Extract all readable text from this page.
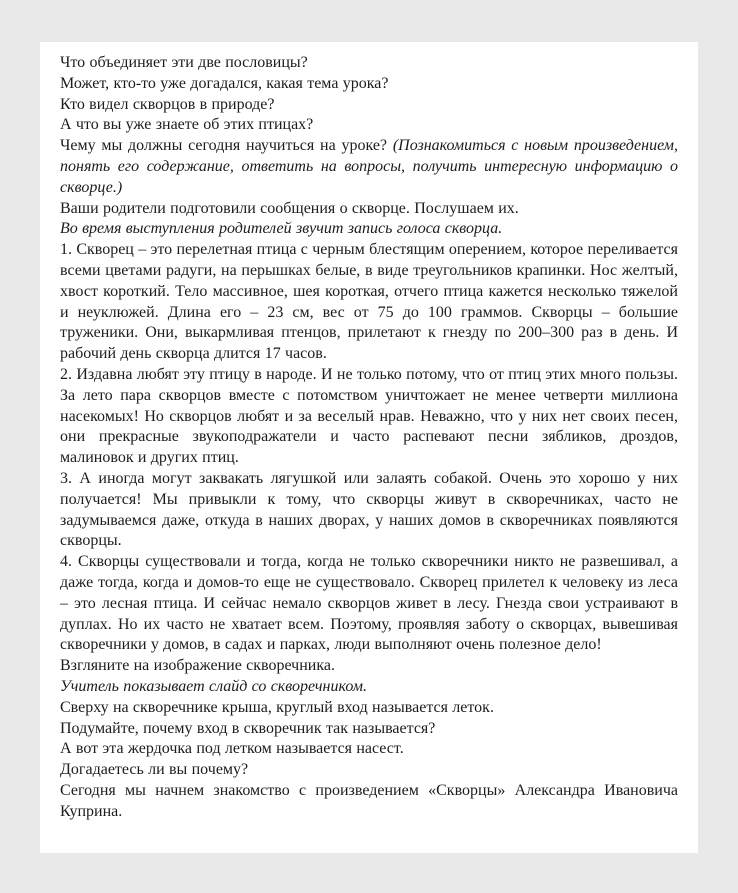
Что объединяет эти две пословицы?

Может, кто-то уже догадался, какая тема урока?

Кто видел скворцов в природе?

А что вы уже знаете об этих птицах?

Чему мы должны сегодня научиться на уроке? (Познакомиться с новым произведением, понять его содержание, ответить на вопросы, получить интересную информацию о скворце.)

Ваши родители подготовили сообщения о скворце. Послушаем их.

Во время выступления родителей звучит запись голоса скворца.

1. Скворец – это перелетная птица с черным блестящим оперением, которое переливается всеми цветами радуги, на перышках белые, в виде треугольников крапинки. Нос желтый, хвост короткий. Тело массивное, шея короткая, отчего птица кажется несколько тяжелой и неуклюжей. Длина его – 23 см, вес от 75 до 100 граммов. Скворцы – большие труженики. Они, выкармливая птенцов, прилетают к гнезду по 200–300 раз в день. И рабочий день скворца длится 17 часов.

2. Издавна любят эту птицу в народе. И не только потому, что от птиц этих много пользы. За лето пара скворцов вместе с потомством уничтожает не менее четверти миллиона насекомых! Но скворцов любят и за веселый нрав. Неважно, что у них нет своих песен, они прекрасные звукоподражатели и часто распевают песни зябликов, дроздов, малиновок и других птиц.

3. А иногда могут заквакать лягушкой или залаять собакой. Очень это хорошо у них получается! Мы привыкли к тому, что скворцы живут в скворечниках, часто не задумываемся даже, откуда в наших дворах, у наших домов в скворечниках появляются скворцы.

4. Скворцы существовали и тогда, когда не только скворечники никто не развешивал, а даже тогда, когда и домов-то еще не существовало. Скворец прилетел к человеку из леса – это лесная птица. И сейчас немало скворцов живет в лесу. Гнезда свои устраивают в дуплах. Но их часто не хватает всем. Поэтому, проявляя заботу о скворцах, вывешивая скворечники у домов, в садах и парках, люди выполняют очень полезное дело!

Взгляните на изображение скворечника.

Учитель показывает слайд со скворечником.

Сверху на скворечнике крыша, круглый вход называется леток.

Подумайте, почему вход в скворечник так называется?

А вот эта жердочка под летком называется насест.

Догадаетесь ли вы почему?

Сегодня мы начнем знакомство с произведением «Скворцы» Александра Ивановича Куприна.
